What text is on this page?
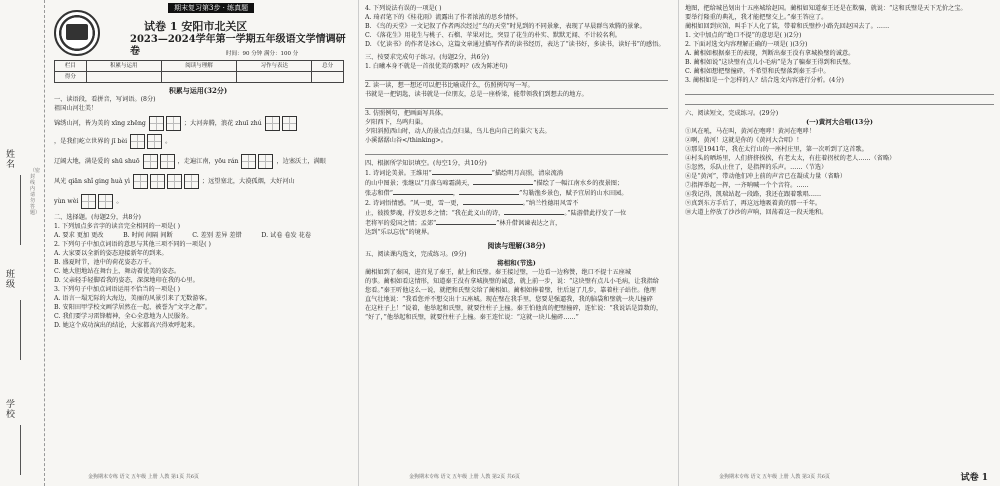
姓名
班级
学校
（密封线内请勿答题）
期末复习第3步 · 练真题
试卷 1 安阳市北关区
2023—2024学年第一学期五年级语文学情调研卷	时间：90 分钟 满分：100 分
栏目	积累与运用	阅读与理解	习作与表达	总分
得分				
积累与运用(32分)
一、读语段，看拼音，写词语。(8分)
祖国山河壮美！
锦绣山河，皆为美的 xīng zhēng	；大河奔腾，浪花 zhuī zhú
，是我们屹立世界的 jī bèi	。
辽阔大地，满是爱的 shū shuō	，走遍江南，yōu rán	，边塞沃土，满眼
风光 qiān shǐ ging huà yì	；远望塞北，大漠孤烟，大好河山
yùn wèi	。
二、选择题。(每题2分，共8分)
1. 下列加点多音字的读音完全相同的一项是( )
A. 要求 更加 更改	B. 时间 间隔 间断	C. 差别 差异 差错	D. 试卷 卷发 花卷
2. 下列句子中加点词语的意思与其他三项不同的一项是( )
A. 大家要以全新的姿态迎接新年的到来。
B. 盛夏时节，池中的荷花姿态万千。
C. 她大胆地站在舞台上，舞动着优美的姿态。
D. 父亲轻手轻脚看我的姿态，深深地印在我的心里。
3. 下列句子中加点词语运用不恰当的一项是( )
A. 语言一塌无际的大海边，美丽的风景引来了无数游客。
B. 安阳田甲学校文画学居然在一起，被誉为“文字之都”。
C. 我们要学习雷锋精神，全心全意地为人民服务。
D. 她这个成功演出的结论，大家都高兴得欢呼起来。
金狗期末专练 语文 五年级 上册 人教 第1页 共6页
4. 下列说法有误的一项是( )
A. 琦君笔下的《桂花雨》流露出了作者浓浓的思乡情怀。
B. 《鸟的天堂》一文记叙了作者两次经过“鸟的天堂”时见到的不同景象，表现了早晨群鸟欢腾的景象。
C. 《落花生》用花生与桃子、石榴、苹果对比，突显了花生的朴实、默默无闻、不计较名利。
D. 《忆读书》的作者是冰心，这篇文章通过描写作者的读书经历，表达了“读书好，多读书，读好书”的感悟。
三、按要求完成句子练习。(每题2分，共6分)
1. 白曦本身不就是一首很优美的歌吗？(改为陈述句)
2. 读一读，想一想还可以把书比喻成什么，仿照例句写一写。
书就是一把钥匙，读书就是一位朋友，总是一座桥梁，能带领我们到想去的地方。
3. 仿照例句，把画面写具体。
夕阳西下，鸟鸣归巢。
夕阳斜照西山时，动人的景点点点归巢，鸟儿也向自己的巢穴飞去。
小溪潺潺山谷</thinking>。
四、根据所学知识填空。(每空1分，共10分)
1. 诗词论美景。王维用“	”描绘明月高照，清泉流淌
的山中图景；张继以“月落乌啼霜满天，	”描绘了一幅江南水乡的夜景图；
张志和借“	，	”勾勒渔乡景色，赋予宜居的山水田园。
2. 诗词悟情感。“风一更，雪一更，	。”纳兰性德用风雪不
止，彼拨梦魂，抒发思乡之情；“我在此义山的诗，	。”陆游借此抒发了一位
老将军的爱国之情；孟郊“	”林升借讽谏表达之言，
达到“乐以忘忧”的境界。
阅读与理解(38分)
五、阅读课内选文，完成练习。(9分)
将相和(节选)
蔺相如到了秦国，进宫见了秦王，献上和氏璧。秦王接过璧，一边看一边称赞，绝口不提十五座城
的事。蔺相如看这情形，知道秦王没有拿城换璧的诚意，就上前一步，说：“这块璧有点儿小毛病，让我指给
您看。”秦王听他这么一说，就把和氏璧交给了蔺相如。蔺相如捧着璧，往后退了几步，靠着柱子站住。他理
直气壮地说：“我看您并不想交出十五座城。现在璧在我手里，您要是强逼我，我的脑袋和璧就一块儿撞碎
在这柱子上！”说着，他举起和氏璧，就要往柱子上撞。秦王怕他真的把璧撞碎，连忙说：“我说话是算数的，
“好了，”他举起和氏璧，就要往柱子上撞。秦王连忙说：“这就一块儿撞碎……”
金狗期末专练 语文 五年级 上册 人教 第2页 共6页
地图，把给城邑划出十五座城给赵国。蔺相如知道秦王还是在欺骗，就说：“这和氏璧是天下无价之宝。
要举行隆重的典礼，我才能把璧交上。”秦王答应了。
蔺相如回到宾馆，叫手下人化了装，带着和氏璧抄小路先回赵国去了。……
1. 文中加点的“绝口不提”的意思是( )(2分)
2. 下面对选文内容理解正确的一项是( )(3分)
A. 蔺相如根据秦王的表现，判断出秦王没有拿城换璧的诚意。
B. 蔺相如说“这块璧有点儿小毛病”是为了骗秦王得到和氏璧。
C. 蔺相如想把璧撞碎，不希望和氏璧落到秦王手中。
3. 蔺相如是一个怎样的人？结合选文内容进行分析。(4分)
六、阅读短文，完成练习。(29分)
(一)黄河大合唱(13分)
①风在吼，马在叫，黄河在咆哮！黄河在咆哮！
②啊，黄河！这就是你的《黄河大合唱》！
③那是1941年，我在太行山的一座村庄里，第一次听到了这首歌。
④村头的晒场里，人们挤挤挨挨，有老太太，有拄着拐杖的老人……（省略）
⑤忽然，乐队止住了，是指挥的乐声。……（节选）
⑥是“黄河”，带动他们冲上前的声音已在凝成力量（省略）
⑦指挥举起一挥，一齐呐喊一个个音符。……
⑧我记得，凯瑞站起一段路，我还在跟着歌唱……
⑨真到东方手后了，再这远地吸着黄的那一千年。
⑩大道上停放了沙沙的声响，回荡着这一段天地和。
金狗期末专练 语文 五年级 上册 人教 第3页 共6页	试卷 1
